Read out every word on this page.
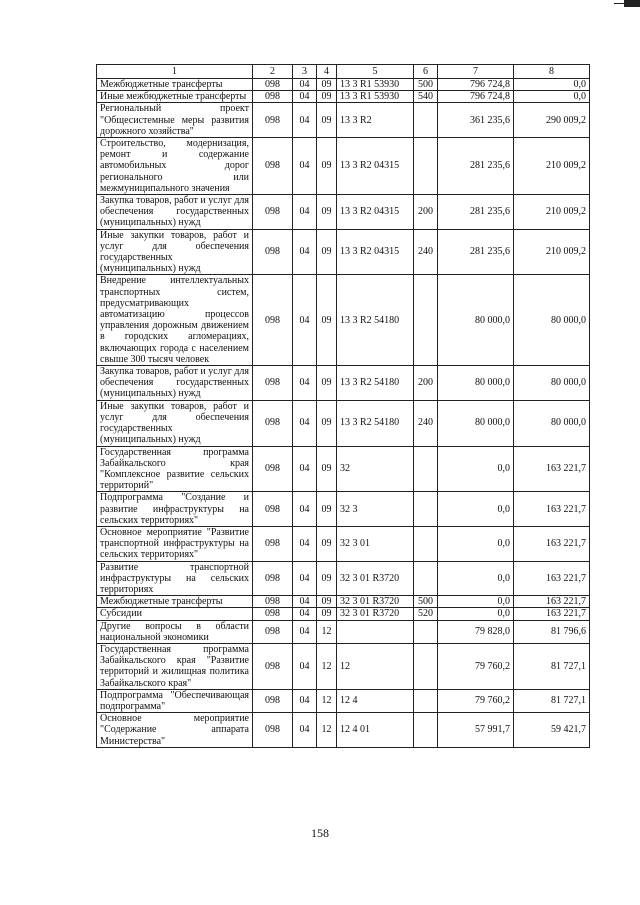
1	2	3	4	5	6	7	8
Межбюджетные трансферты	098	04	09	13 3 R1 53930	500	796 724,8	0,0
Иные межбюджетные трансферты	098	04	09	13 3 R1 53930	540	796 724,8	0,0
Региональный проект "Общесистемные меры развития дорожного хозяйства"	098	04	09	13 3 R2		361 235,6	290 009,2
Строительство, модернизация, ремонт и содержание автомобильных дорог регионального или межмуниципального значения	098	04	09	13 3 R2 04315		281 235,6	210 009,2
Закупка товаров, работ и услуг для обеспечения государственных (муниципальных) нужд	098	04	09	13 3 R2 04315	200	281 235,6	210 009,2
Иные закупки товаров, работ и услуг для обеспечения государственных (муниципальных) нужд	098	04	09	13 3 R2 04315	240	281 235,6	210 009,2
Внедрение интеллектуальных транспортных систем, предусматривающих автоматизацию процессов управления дорожным движением в городских агломерациях, включающих города с населением свыше 300 тысяч человек	098	04	09	13 3 R2 54180		80 000,0	80 000,0
Закупка товаров, работ и услуг для обеспечения государственных (муниципальных) нужд	098	04	09	13 3 R2 54180	200	80 000,0	80 000,0
Иные закупки товаров, работ и услуг для обеспечения государственных (муниципальных) нужд	098	04	09	13 3 R2 54180	240	80 000,0	80 000,0
Государственная программа Забайкальского края "Комплексное развитие сельских территорий"	098	04	09	32		0,0	163 221,7
Подпрограмма "Создание и развитие инфраструктуры на сельских территориях"	098	04	09	32 3		0,0	163 221,7
Основное мероприятие "Развитие транспортной инфраструктуры на сельских территориях"	098	04	09	32 3 01		0,0	163 221,7
Развитие транспортной инфраструктуры на сельских территориях	098	04	09	32 3 01 R3720		0,0	163 221,7
Межбюджетные трансферты	098	04	09	32 3 01 R3720	500	0,0	163 221,7
Субсидии	098	04	09	32 3 01 R3720	520	0,0	163 221,7
Другие вопросы в области национальной экономики	098	04	12			79 828,0	81 796,6
Государственная программа Забайкальского края "Развитие территорий и жилищная политика Забайкальского края"	098	04	12	12		79 760,2	81 727,1
Подпрограмма "Обеспечивающая подпрограмма"	098	04	12	12 4		79 760,2	81 727,1
Основное мероприятие "Содержание аппарата Министерства"	098	04	12	12 4 01		57 991,7	59 421,7
158
